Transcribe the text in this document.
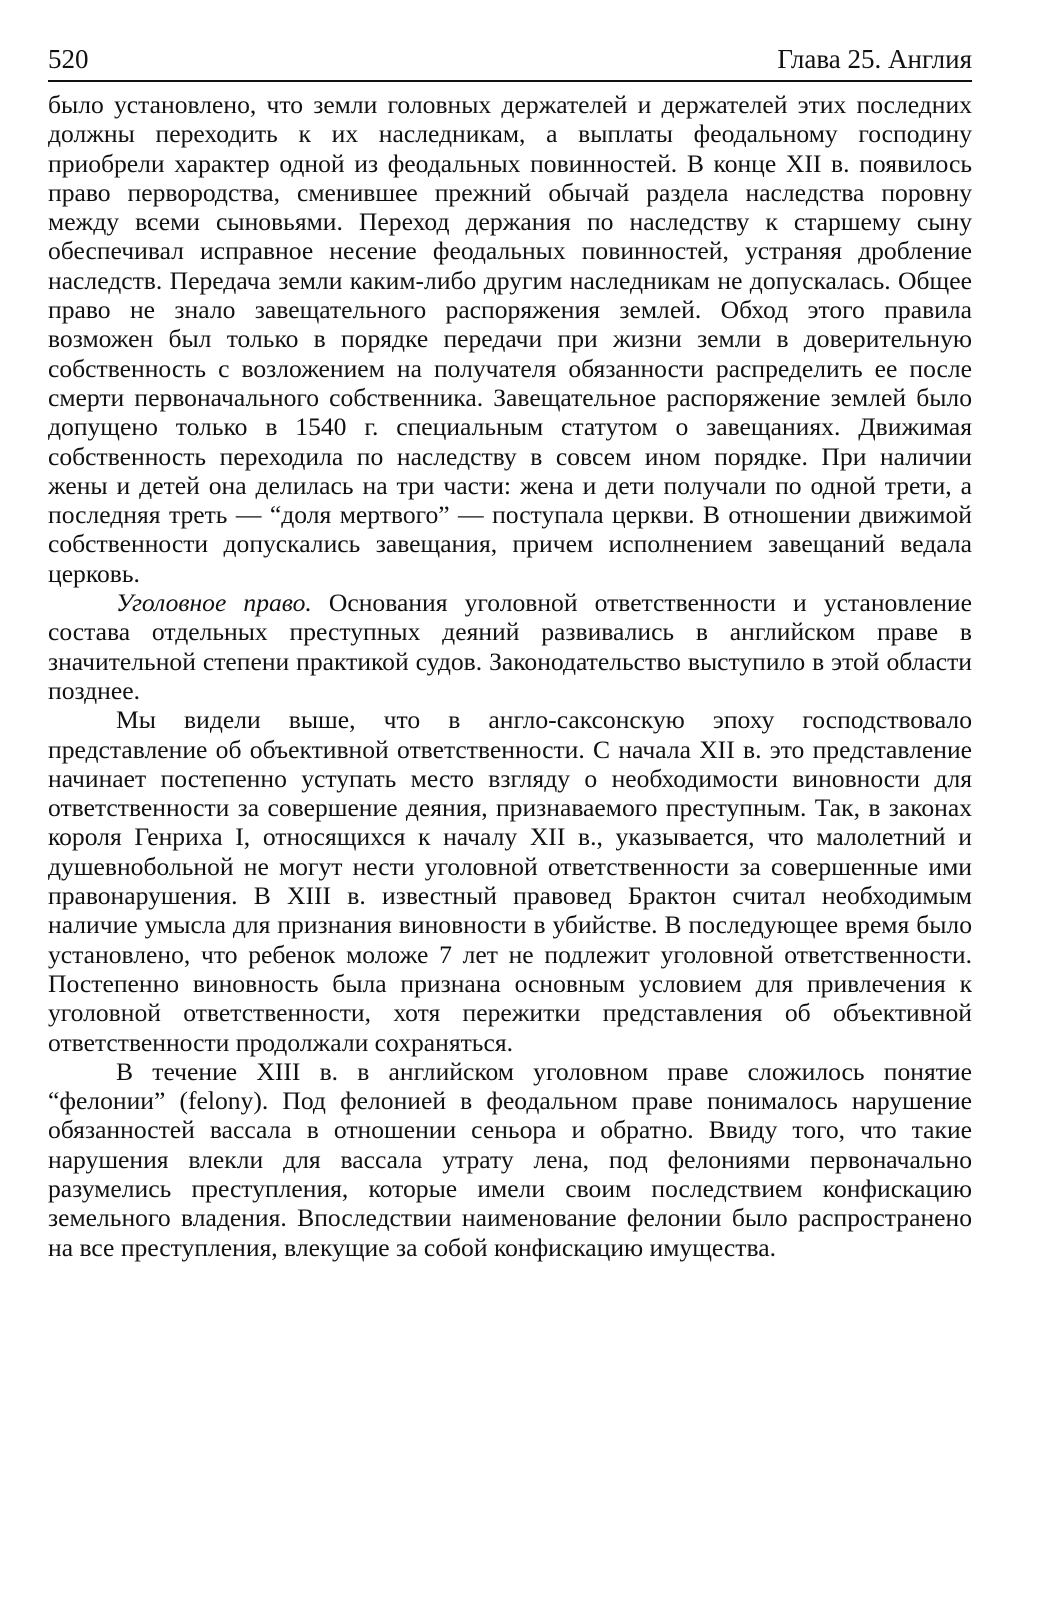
520	Глава 25. Англия

было установлено, что земли головных держателей и держателей этих последних должны переходить к их наследникам, а выплаты феодальному господину приобрели характер одной из феодальных повинностей. В конце XII в. появилось право первородства, сменившее прежний обычай раздела наследства поровну между всеми сыновьями. Переход держания по наследству к старшему сыну обеспечивал исправное несение феодальных повинностей, устраняя дробление наследств. Передача земли каким-либо другим наследникам не допускалась. Общее право не знало завещательного распоряжения землей. Обход этого правила возможен был только в порядке передачи при жизни земли в доверительную собственность с возложением на получателя обязанности распределить ее после смерти первоначального собственника. Завещательное распоряжение землей было допущено только в 1540 г. специальным статутом о завещаниях. Движимая собственность переходила по наследству в совсем ином порядке. При наличии жены и детей она делилась на три части: жена и дети получали по одной трети, а последняя треть — “доля мертвого” — поступала церкви. В отношении движимой собственности допускались завещания, причем исполнением завещаний ведала церковь.

Уголовное право. Основания уголовной ответственности и установление состава отдельных преступных деяний развивались в английском праве в значительной степени практикой судов. Законодательство выступило в этой области позднее.

Мы видели выше, что в англо-саксонскую эпоху господствовало представление об объективной ответственности. С начала XII в. это представление начинает постепенно уступать место взгляду о необходимости виновности для ответственности за совершение деяния, признаваемого преступным. Так, в законах короля Генриха I, относящихся к началу XII в., указывается, что малолетний и душевнобольной не могут нести уголовной ответственности за совершенные ими правонарушения. В XIII в. известный правовед Брактон считал необходимым наличие умысла для признания виновности в убийстве. В последующее время было установлено, что ребенок моложе 7 лет не подлежит уголовной ответственности. Постепенно виновность была признана основным условием для привлечения к уголовной ответственности, хотя пережитки представления об объективной ответственности продолжали сохраняться.

В течение XIII в. в английском уголовном праве сложилось понятие “фелонии” (felony). Под фелонией в феодальном праве понималось нарушение обязанностей вассала в отношении сеньора и обратно. Ввиду того, что такие нарушения влекли для вассала утрату лена, под фелониями первоначально разумелись преступления, которые имели своим последствием конфискацию земельного владения. Впоследствии наименование фелонии было распространено на все преступления, влекущие за собой конфискацию имущества.
